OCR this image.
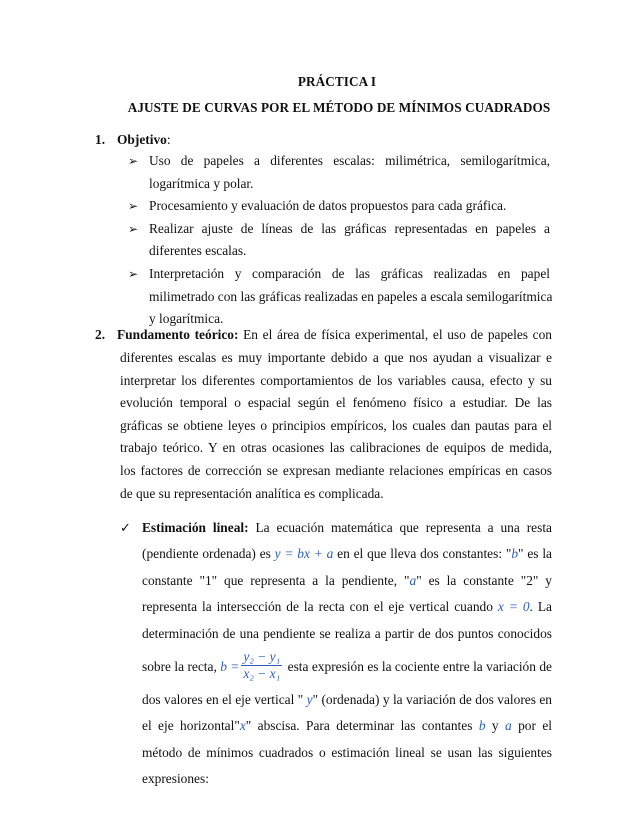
PRÁCTICA I
AJUSTE DE CURVAS POR EL MÉTODO DE MÍNIMOS CUADRADOS
1. Objetivo:
➢ Uso de papeles a diferentes escalas: milimétrica, semilogarítmica,
logarítmica y polar.
➢ Procesamiento y evaluación de datos propuestos para cada gráfica.
➢ Realizar ajuste de líneas de las gráficas representadas en papeles a
diferentes escalas.
➢ Interpretación y comparación de las gráficas realizadas en papel
milimetrado con las gráficas realizadas en papeles a escala semilogarítmica
y logarítmica.
2. Fundamento teórico: En el área de física experimental, el uso de papeles con
diferentes escalas es muy importante debido a que nos ayudan a visualizar e
interpretar los diferentes comportamientos de los variables causa, efecto y su
evolución temporal o espacial según el fenómeno físico a estudiar. De las
gráficas se obtiene leyes o principios empíricos, los cuales dan pautas para el
trabajo teórico. Y en otras ocasiones las calibraciones de equipos de medida,
los factores de corrección se expresan mediante relaciones empíricas en casos
de que su representación analítica es complicada.
✓ Estimación lineal: La ecuación matemática que representa a una resta
(pendiente ordenada) es y = bx + a en el que lleva dos constantes: "b" es la
constante "1" que representa a la pendiente, "a" es la constante "2" y
representa la intersección de la recta con el eje vertical cuando x = 0. La
determinación de una pendiente se realiza a partir de dos puntos conocidos
sobre la recta, $b = \frac{\text{y₂ − y₁}}{\text{x₂ − x₁}}$ esta expresión es la cociente entre la variación de
dos valores en el eje vertical " y" (ordenada) y la variación de dos valores en
el eje horizontal"x" abscisa. Para determinar las contantes b y a por el
método de mínimos cuadrados o estimación lineal se usan las siguientes
expresiones:
